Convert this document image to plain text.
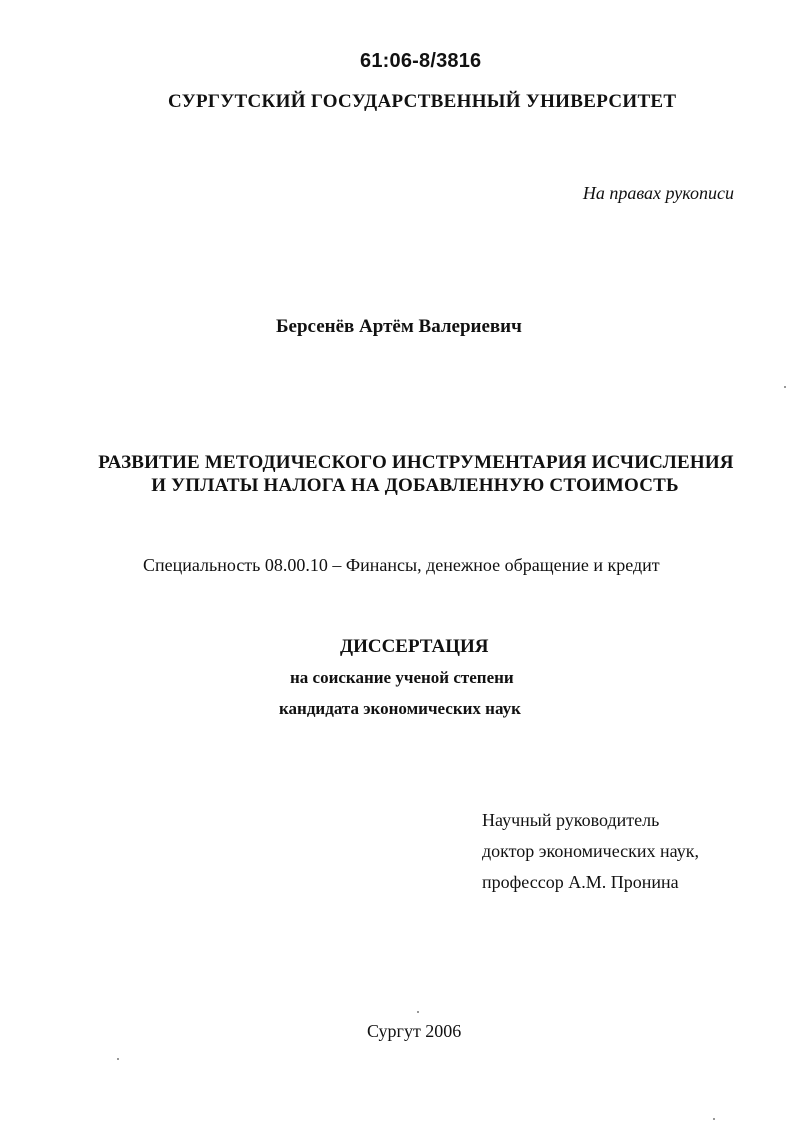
61:06-8/3816
СУРГУТСКИЙ ГОСУДАРСТВЕННЫЙ УНИВЕРСИТЕТ
На правах рукописи
Берсенёв Артём Валериевич
РАЗВИТИЕ МЕТОДИЧЕСКОГО ИНСТРУМЕНТАРИЯ ИСЧИСЛЕНИЯ
И УПЛАТЫ НАЛОГА НА ДОБАВЛЕННУЮ СТОИМОСТЬ
Специальность 08.00.10 – Финансы, денежное обращение и кредит
ДИССЕРТАЦИЯ
на соискание ученой степени
кандидата экономических наук
Научный руководитель
доктор экономических наук,
профессор А.М. Пронина
Сургут 2006
